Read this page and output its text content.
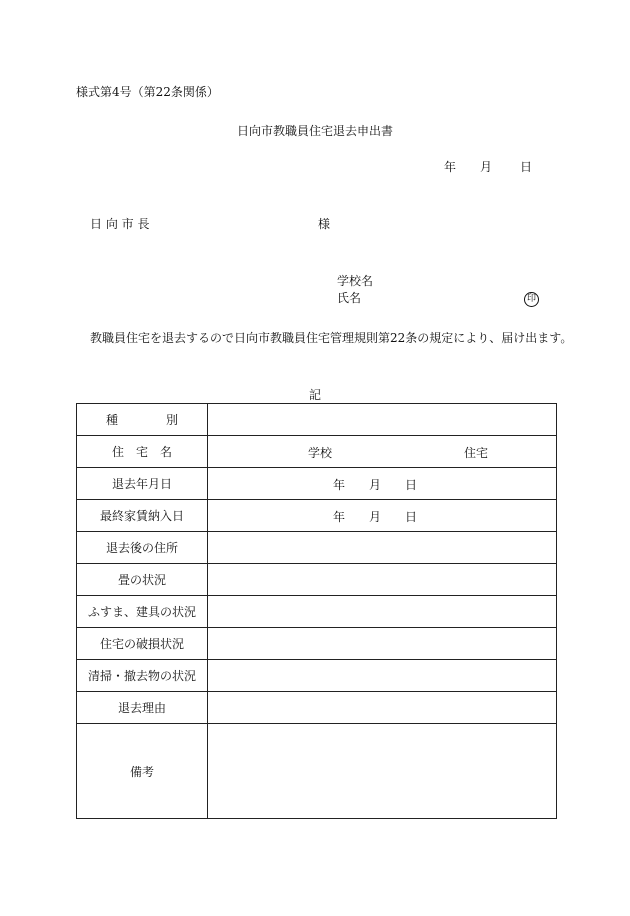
様式第4号（第22条関係）
日向市教職員住宅退去申出書
年 月 日
日 向 市 長	様
学校名
氏名	印
教職員住宅を退去するので日向市教職員住宅管理規則第22条の規定により、届け出ます。
記
種　　　　別	
住　宅　名	学校 住宅

退去年月日	年 月 日

最終家賃納入日	年 月 日

退去後の住所	
畳の状況	
ふすま、建具の状況	
住宅の破損状況	
清掃・撤去物の状況	
退去理由	
備考	
